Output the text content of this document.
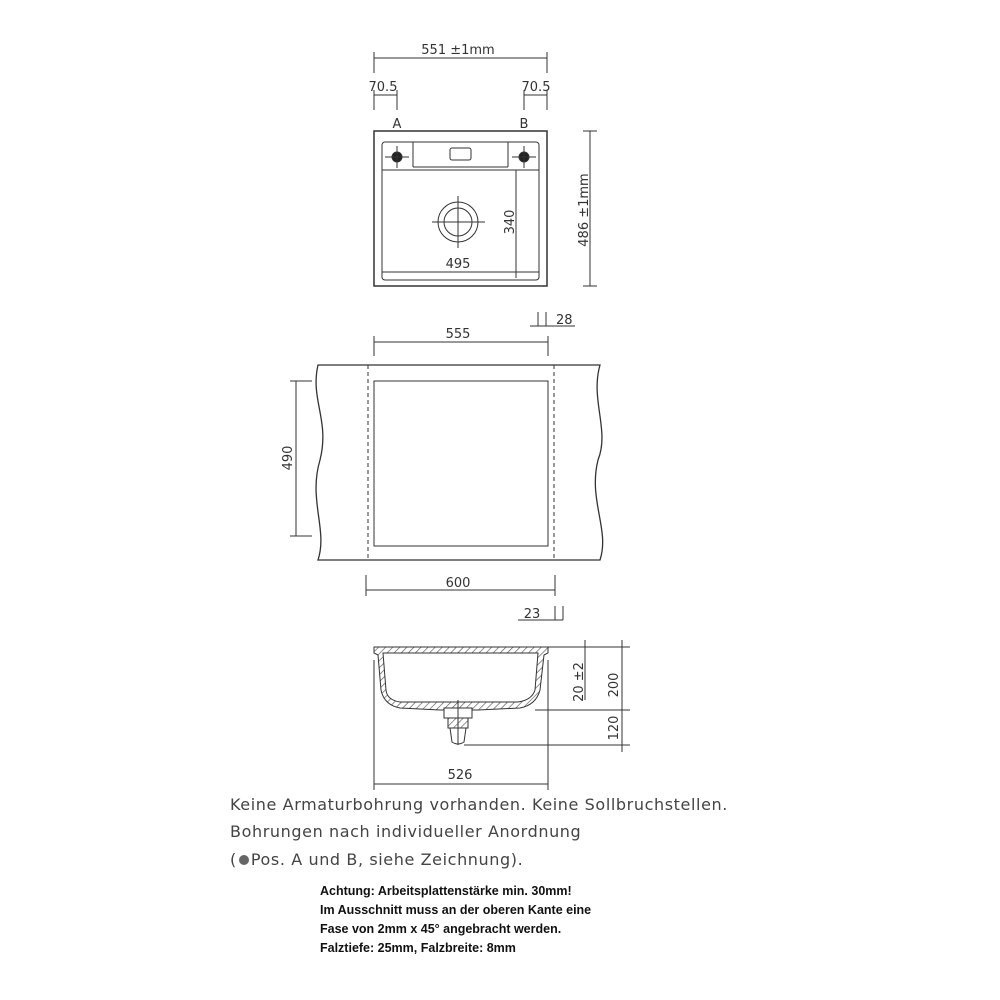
551 ±1mm
70.5	70.5
A	B
340
495
486 ±1mm
28
555
490
600
23
20 ±2 200
120
526
Keine Armaturbohrung vorhanden. Keine Sollbruchstellen.
Bohrungen nach individueller Anordnung
( Pos. A und B, siehe Zeichnung).
Achtung: Arbeitsplattenstärke min. 30mm!
Im Ausschnitt muss an der oberen Kante eine
Fase von 2mm x 45° angebracht werden.
Falztiefe: 25mm, Falzbreite: 8mm
